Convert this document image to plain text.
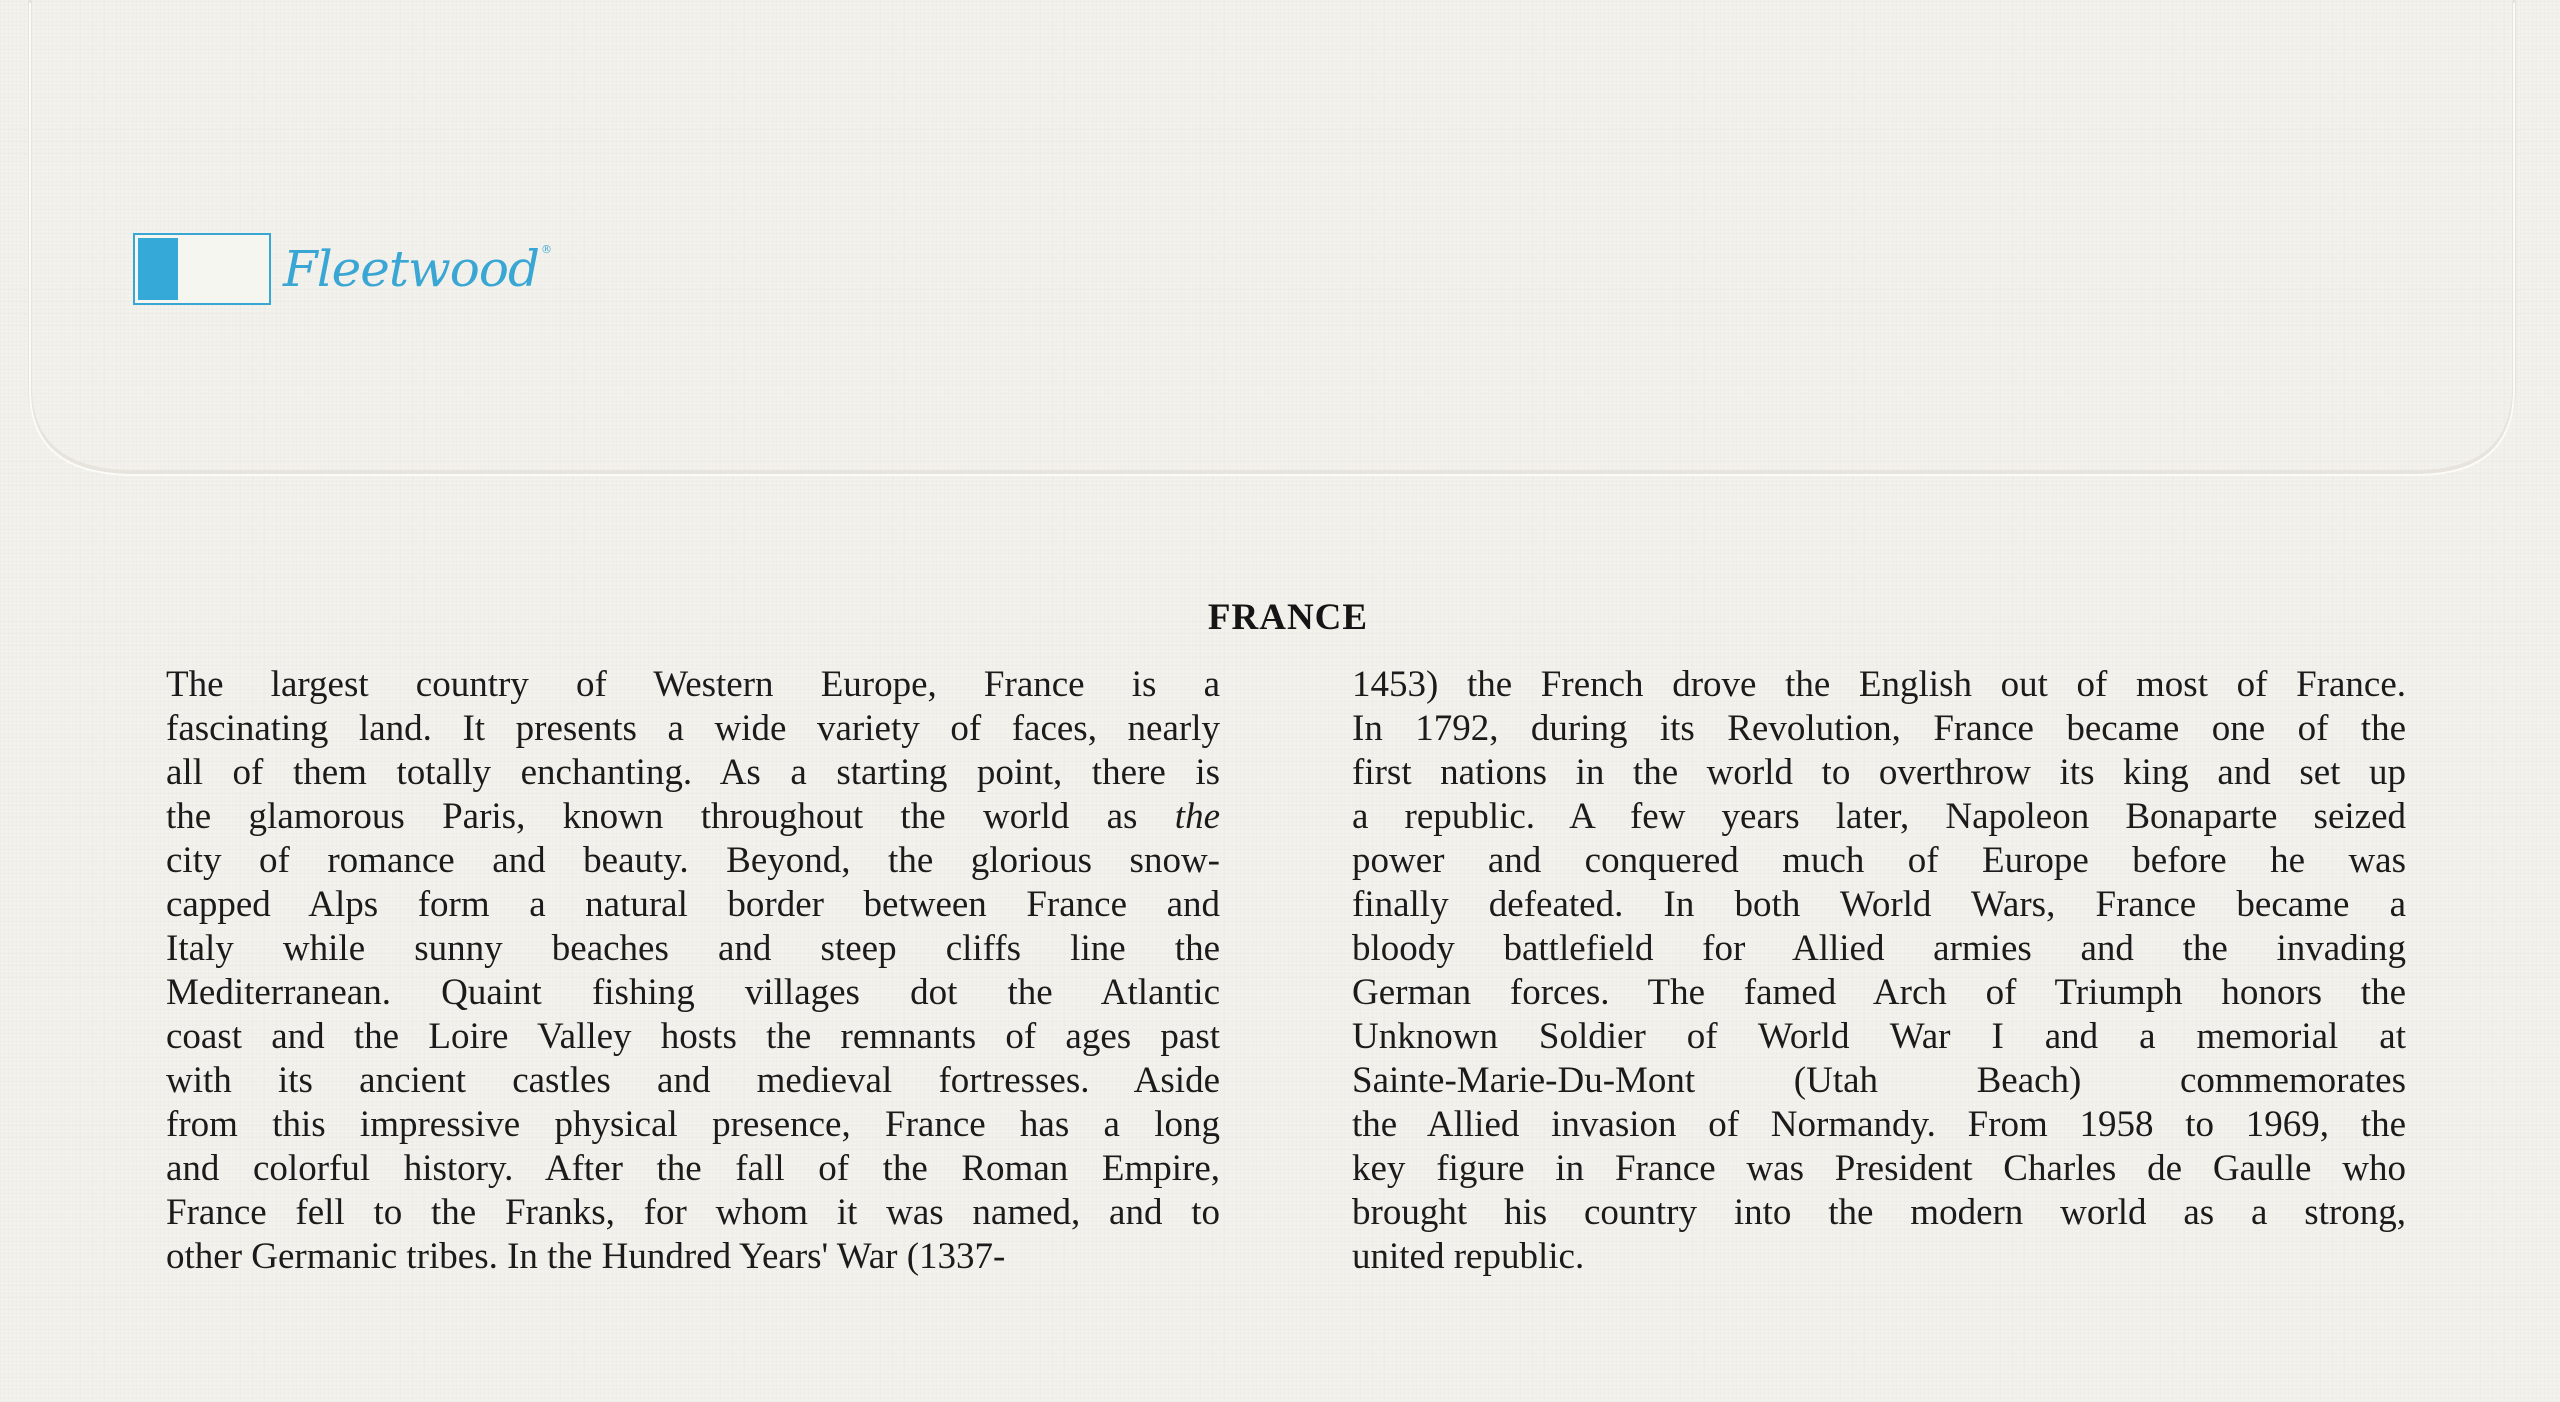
Fleetwood ®
FRANCE
The largest country of Western Europe, France is a
fascinating land. It presents a wide variety of faces, nearly
all of them totally enchanting. As a starting point, there is
the glamorous Paris, known throughout the world as the
city of romance and beauty. Beyond, the glorious snow-
capped Alps form a natural border between France and
Italy while sunny beaches and steep cliffs line the
Mediterranean. Quaint fishing villages dot the Atlantic
coast and the Loire Valley hosts the remnants of ages past
with its ancient castles and medieval fortresses. Aside
from this impressive physical presence, France has a long
and colorful history. After the fall of the Roman Empire,
France fell to the Franks, for whom it was named, and to
other Germanic tribes. In the Hundred Years' War (1337-
1453) the French drove the English out of most of France.
In 1792, during its Revolution, France became one of the
first nations in the world to overthrow its king and set up
a republic. A few years later, Napoleon Bonaparte seized
power and conquered much of Europe before he was
finally defeated. In both World Wars, France became a
bloody battlefield for Allied armies and the invading
German forces. The famed Arch of Triumph honors the
Unknown Soldier of World War I and a memorial at
Sainte-Marie-Du-Mont (Utah Beach) commemorates
the Allied invasion of Normandy. From 1958 to 1969, the
key figure in France was President Charles de Gaulle who
brought his country into the modern world as a strong,
united republic.
